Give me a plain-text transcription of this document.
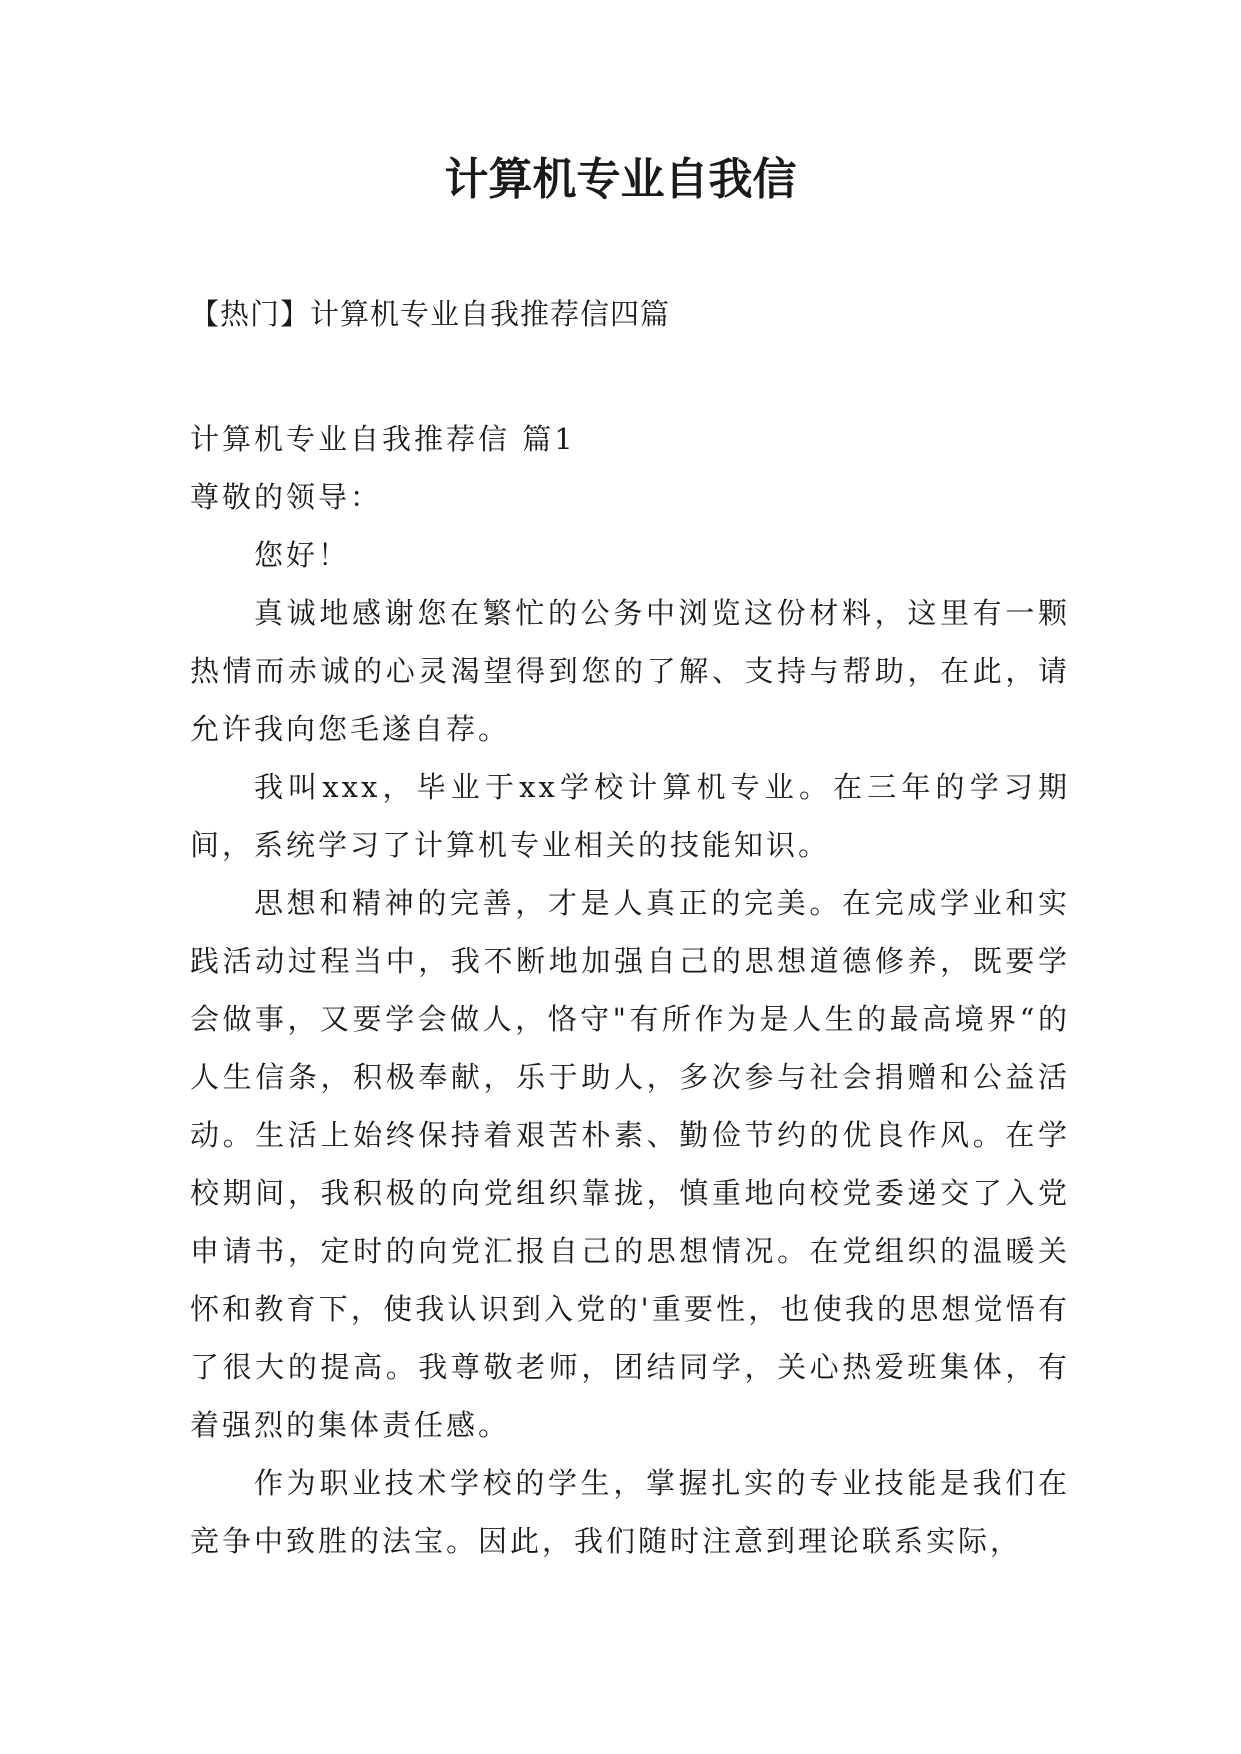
计算机专业自我信

【热门】计算机专业自我推荐信四篇

计算机专业自我推荐信 篇1

尊敬的领导：

您好！

真诚地感谢您在繁忙的公务中浏览这份材料，这里有一颗热情而赤诚的心灵渴望得到您的了解、支持与帮助，在此，请允许我向您毛遂自荐。

我叫xxx，毕业于xx学校计算机专业。在三年的学习期间，系统学习了计算机专业相关的技能知识。

思想和精神的完善，才是人真正的完美。在完成学业和实践活动过程当中，我不断地加强自己的思想道德修养，既要学会做事，又要学会做人，恪守"有所作为是人生的最高境界“的人生信条，积极奉献，乐于助人，多次参与社会捐赠和公益活动。生活上始终保持着艰苦朴素、勤俭节约的优良作风。在学校期间，我积极的向党组织靠拢，慎重地向校党委递交了入党申请书，定时的向党汇报自己的思想情况。在党组织的温暖关怀和教育下，使我认识到入党的'重要性，也使我的思想觉悟有了很大的提高。我尊敬老师，团结同学，关心热爱班集体，有着强烈的集体责任感。

作为职业技术学校的学生，掌握扎实的专业技能是我们在竞争中致胜的法宝。因此，我们随时注意到理论联系实际，
